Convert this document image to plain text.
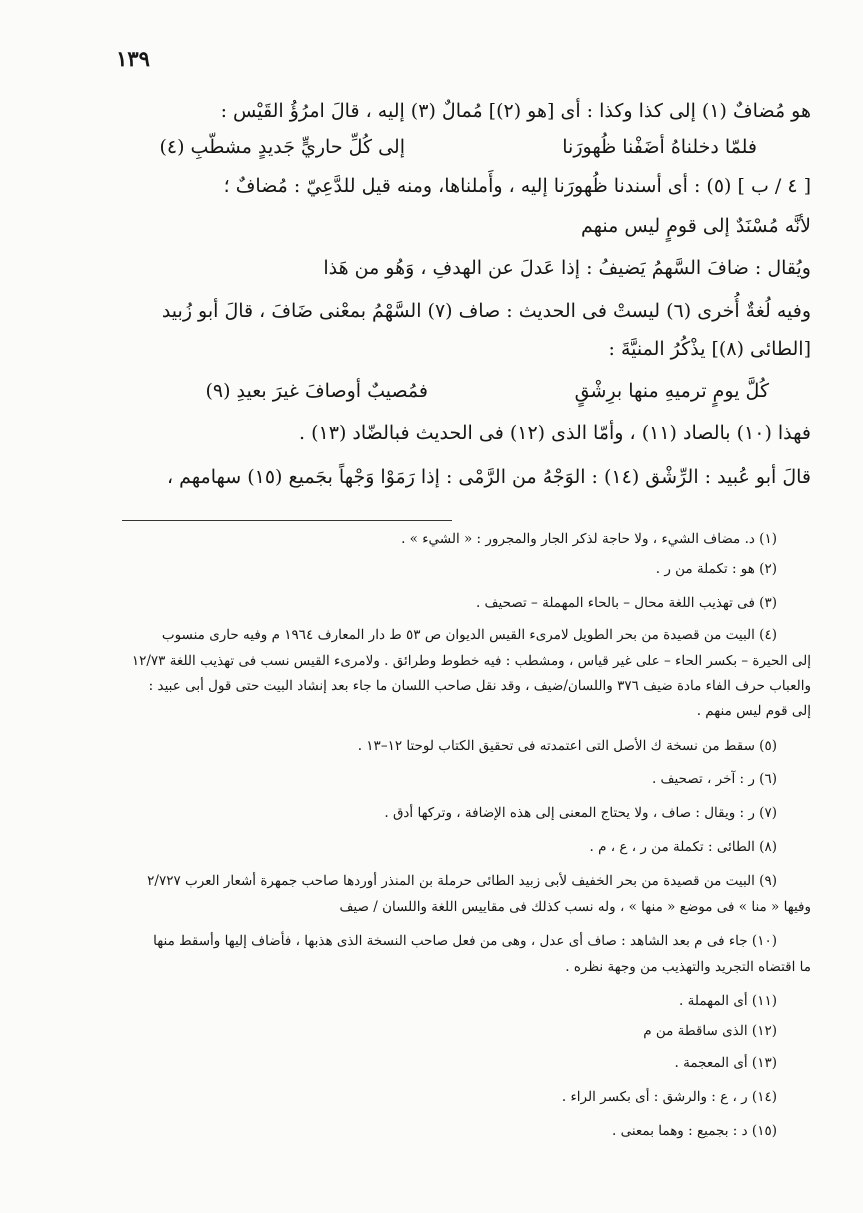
١٣٩
هو مُضافٌ (١) إلى كذا وكذا : أى [هو (٢)] مُمالٌ (٣) إليه ، قالَ امرُؤُ القَيْس :
فلمّا دخلناهُ أضَفْنا ظُهورَنا
إلى كُلِّ حاريٍّ جَديدٍ مشطّبِ (٤)
[ ٤ / ب ] (٥) : أى أسندنا ظُهورَنا إليه ، وأَملناها، ومنه قيل للدَّعِيّ : مُضافٌ ؛
لأنَّه مُسْنَدٌ إلى قومٍ ليس منهم
ويُقال : ضافَ السَّهمُ يَضيفُ : إذا عَدلَ عن الهدفِ ، وَهُو من هَذا
وفيه لُغةٌ أُخرى (٦) ليستْ فى الحديث : صاف (٧) السَّهْمُ بمعْنى ضَافَ ، قالَ أبو زُبيد
[الطائى (٨)] يذْكُرُ المنيَّةَ :
كُلَّ يومٍ ترميهِ منها برِشْقٍ
فمُصيبٌ أوصافَ غيرَ بعيدِ (٩)
فهذا (١٠) بالصاد (١١) ، وأمّا الذى (١٢) فى الحديث فبالضّاد (١٣) .
قالَ أبو عُبيد : الرِّشْق (١٤) : الوَجْهُ من الرَّمْى : إذا رَمَوْا وَجْهاً بجَميع (١٥) سهامهم ،
(١) د. مضاف الشيء ، ولا حاجة لذكر الجار والمجرور : « الشيء » .
(٢) هو : تكملة من ر .
(٣) فى تهذيب اللغة محال – بالحاء المهملة – تصحيف .
(٤) البيت من قصيدة من بحر الطويل لامرىء القيس الديوان ص ٥٣ ط دار المعارف ١٩٦٤ م وفيه حارى منسوب
إلى الحيرة – بكسر الحاء – على غير قياس ، ومشطب : فيه خطوط وطرائق . ولامرىء القيس نسب فى تهذيب اللغة ١٢/٧٣
والعباب حرف الفاء مادة ضيف ٣٧٦ واللسان/ضيف ، وقد نقل صاحب اللسان ما جاء بعد إنشاد البيت حتى قول أبى عبيد :
إلى قوم ليس منهم .
(٥) سقط من نسخة ك الأصل التى اعتمدته فى تحقيق الكتاب لوحتا ١٢–١٣ .
(٦) ر : آخر ، تصحيف .
(٧) ر : ويقال : صاف ، ولا يحتاج المعنى إلى هذه الإضافة ، وتركها أدق .
(٨) الطائى : تكملة من ر ، ع ، م .
(٩) البيت من قصيدة من بحر الخفيف لأبى زبيد الطائى حرملة بن المنذر أوردها صاحب جمهرة أشعار العرب ٢/٧٢٧
وفيها « منا » فى موضع « منها » ، وله نسب كذلك فى مقاييس اللغة واللسان / صيف
(١٠) جاء فى م بعد الشاهد : صاف أى عدل ، وهى من فعل صاحب النسخة الذى هذبها ، فأضاف إليها وأسقط منها
ما اقتضاه التجريد والتهذيب من وجهة نظره .
(١١) أى المهملة .
(١٢) الذى ساقطة من م
(١٣) أى المعجمة .
(١٤) ر ، ع : والرشق : أى بكسر الراء .
(١٥) د : بجميع : وهما بمعنى .
